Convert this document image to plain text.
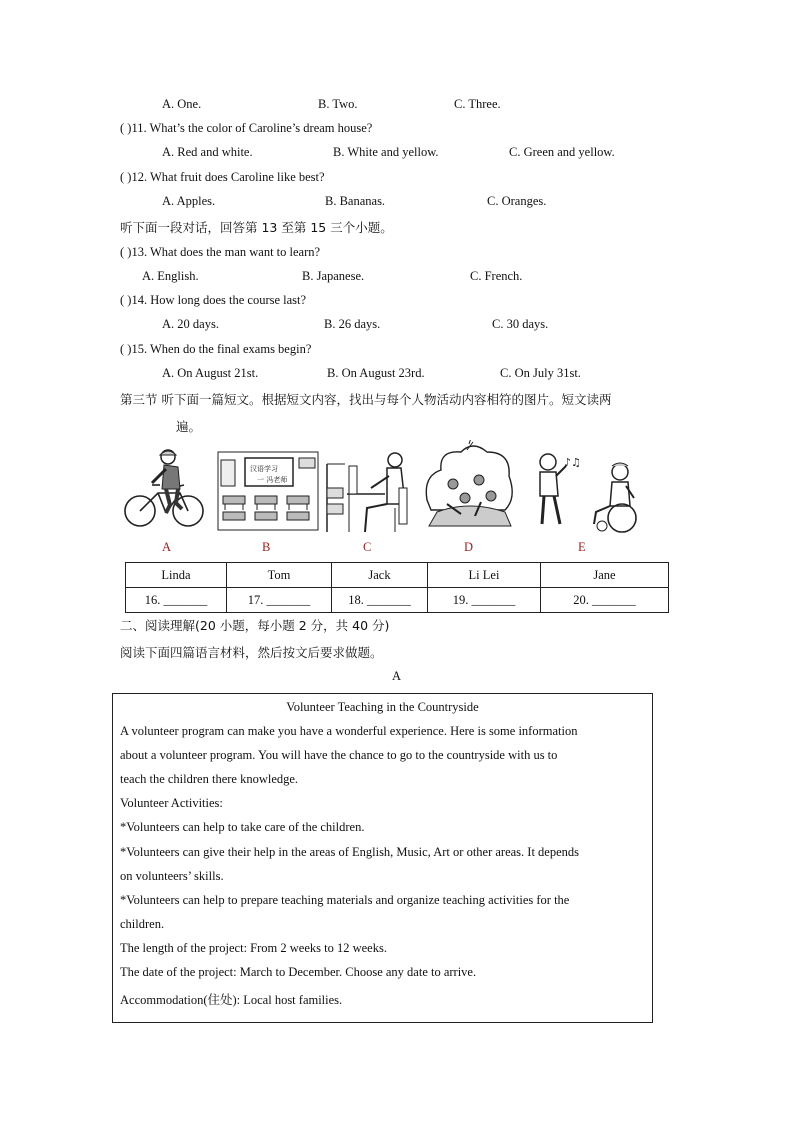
A. One.	B. Two.	C. Three.
( )11. What’s the color of Caroline’s dream house?
A. Red and white.	B. White and yellow.	C. Green and yellow.
( )12. What fruit does Caroline like best?
A. Apples.	B. Bananas.	C. Oranges.
听下面一段对话，回答第 13 至第 15 三个小题。
( )13. What does the man want to learn?
A. English.	B. Japanese.	C. French.
( )14. How long does the course last?
A. 20 days.	B. 26 days.	C. 30 days.
( )15. When do the final exams begin?
A. On August 21st.	B. On August 23rd.	C. On July 31st.
第三节 听下面一篇短文。根据短文内容，找出与每个人物活动内容相符的图片。短文读两
遍。
汉语学习
一 冯老师
♪♫
A	B	C	D	E
Linda	Tom	Jack	Li Lei	Jane
16. _______	17. _______	18. _______	19. _______	20. _______
二、阅读理解(20 小题，每小题 2 分，共 40 分)
阅读下面四篇语言材料，然后按文后要求做题。
A
Volunteer Teaching in the Countryside
A volunteer program can make you have a wonderful experience. Here is some information
about a volunteer program. You will have the chance to go to the countryside with us to
teach the children there knowledge.
Volunteer Activities:
*Volunteers can help to take care of the children.
*Volunteers can give their help in the areas of English, Music, Art or other areas. It depends
on volunteers’ skills.
*Volunteers can help to prepare teaching materials and organize teaching activities for the
children.
The length of the project: From 2 weeks to 12 weeks.
The date of the project: March to December. Choose any date to arrive.
Accommodation(住处): Local host families.
